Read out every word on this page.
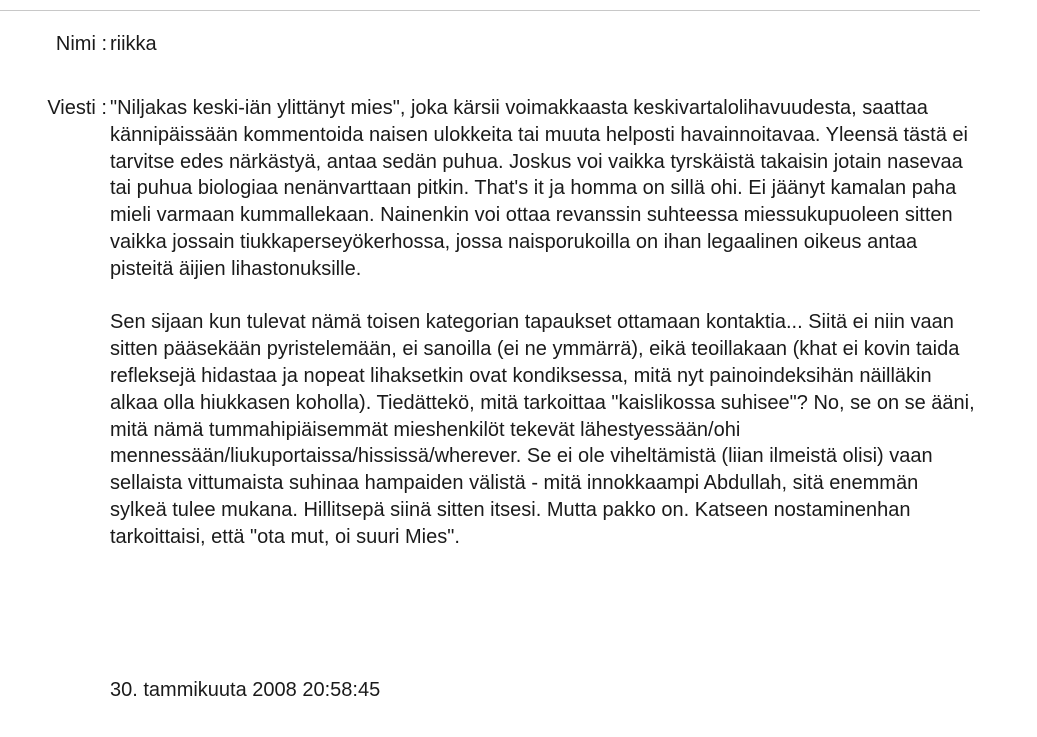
Nimi : riikka
Viesti : "Niljakas keski-iän ylittänyt mies", joka kärsii voimakkaasta keskivartalolihavuudesta, saattaa kännipäissään kommentoida naisen ulokkeita tai muuta helposti havainnoitavaa. Yleensä tästä ei tarvitse edes närkästyä, antaa sedän puhua. Joskus voi vaikka tyrskäistä takaisin jotain nasevaa tai puhua biologiaa nenänvarttaan pitkin. That's it ja homma on sillä ohi. Ei jäänyt kamalan paha mieli varmaan kummallekaan. Nainenkin voi ottaa revanssin suhteessa miessukupuoleen sitten vaikka jossain tiukkaperseyökerhossa, jossa naisporukoilla on ihan legaalinen oikeus antaa pisteitä äijien lihastonuksille.

Sen sijaan kun tulevat nämä toisen kategorian tapaukset ottamaan kontaktia... Siitä ei niin vaan sitten pääsekään pyristelemään, ei sanoilla (ei ne ymmärrä), eikä teoillakaan (khat ei kovin taida refleksejä hidastaa ja nopeat lihaksetkin ovat kondiksessa, mitä nyt painoindeksihän näilläkin alkaa olla hiukkasen koholla). Tiedättekö, mitä tarkoittaa "kaislikossa suhisee"? No, se on se ääni, mitä nämä tummahipiäisemmät mieshenkilöt tekevät lähestyessään/ohi mennessään/liukuportaissa/hississä/wherever. Se ei ole viheltämistä (liian ilmeistä olisi) vaan sellaista vittumaista suhinaa hampaiden välistä - mitä innokkaampi Abdullah, sitä enemmän sylkeä tulee mukana. Hillitsepä siinä sitten itsesi. Mutta pakko on. Katseen nostaminenhan tarkoittaisi, että "ota mut, oi suuri Mies".

30. tammikuuta 2008 20:58:45
